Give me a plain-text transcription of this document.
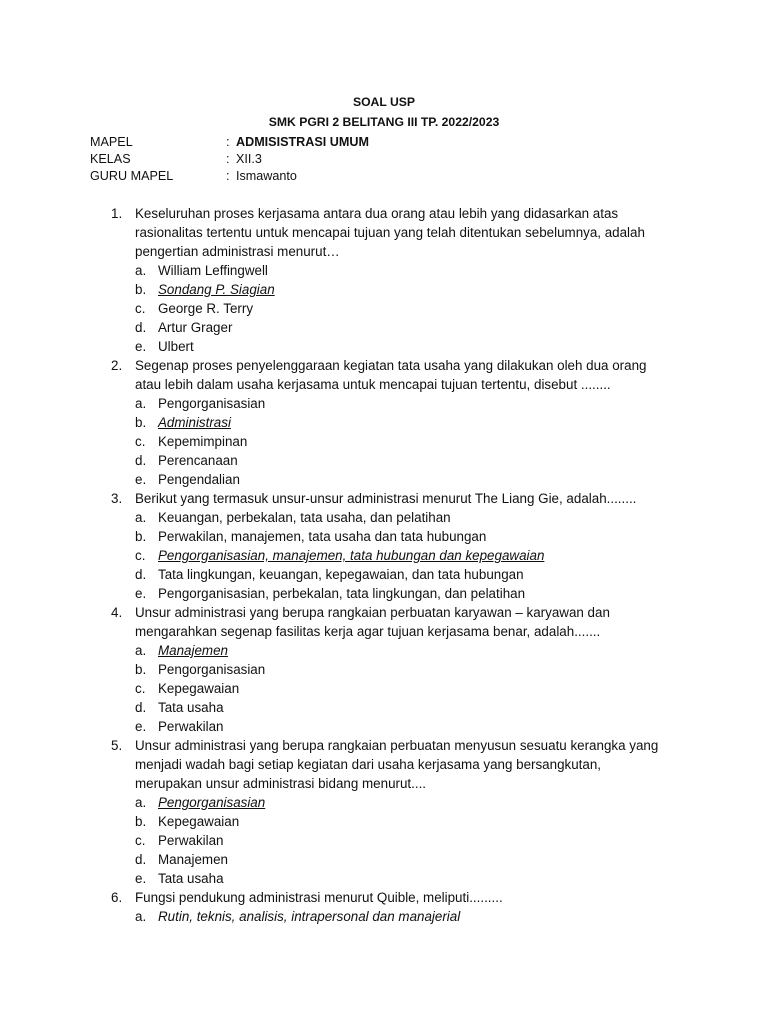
SOAL USP
SMK PGRI 2 BELITANG III TP. 2022/2023
MAPEL	: ADMISISTRASI UMUM
KELAS	: XII.3
GURU MAPEL	: Ismawanto
1. Keseluruhan proses kerjasama antara dua orang atau lebih yang didasarkan atas
rasionalitas tertentu untuk mencapai tujuan yang telah ditentukan sebelumnya, adalah
pengertian administrasi menurut…
a. William Leffingwell
b. Sondang P. Siagian
c. George R. Terry
d. Artur Grager
e. Ulbert
2. Segenap proses penyelenggaraan kegiatan tata usaha yang dilakukan oleh dua orang
atau lebih dalam usaha kerjasama untuk mencapai tujuan tertentu, disebut ........
a. Pengorganisasian
b. Administrasi
c. Kepemimpinan
d. Perencanaan
e. Pengendalian
3. Berikut yang termasuk unsur-unsur administrasi menurut The Liang Gie, adalah........
a. Keuangan, perbekalan, tata usaha, dan pelatihan
b. Perwakilan, manajemen, tata usaha dan tata hubungan
c. Pengorganisasian, manajemen, tata hubungan dan kepegawaian
d. Tata lingkungan, keuangan, kepegawaian, dan tata hubungan
e. Pengorganisasian, perbekalan, tata lingkungan, dan pelatihan
4. Unsur administrasi yang berupa rangkaian perbuatan karyawan – karyawan dan
mengarahkan segenap fasilitas kerja agar tujuan kerjasama benar, adalah.......
a. Manajemen
b. Pengorganisasian
c. Kepegawaian
d. Tata usaha
e. Perwakilan
5. Unsur administrasi yang berupa rangkaian perbuatan menyusun sesuatu kerangka yang
menjadi wadah bagi setiap kegiatan dari usaha kerjasama yang bersangkutan,
merupakan unsur administrasi bidang menurut....
a. Pengorganisasian
b. Kepegawaian
c. Perwakilan
d. Manajemen
e. Tata usaha
6. Fungsi pendukung administrasi menurut Quible, meliputi.........
a. Rutin, teknis, analisis, intrapersonal dan manajerial
